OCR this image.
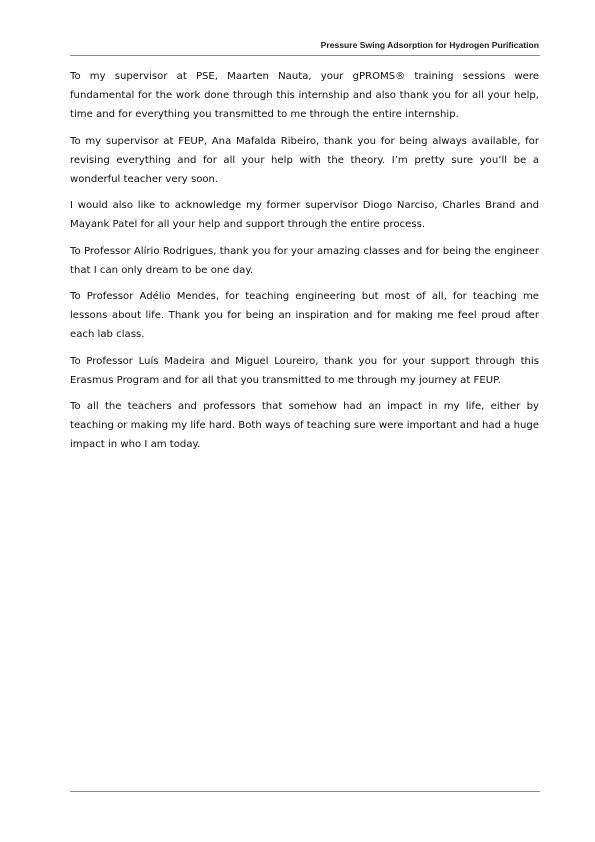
Pressure Swing Adsorption for Hydrogen Purification

To my supervisor at PSE, Maarten Nauta, your gPROMS® training sessions were fundamental for the work done through this internship and also thank you for all your help, time and for everything you transmitted to me through the entire internship.

To my supervisor at FEUP, Ana Mafalda Ribeiro, thank you for being always available, for revising everything and for all your help with the theory. I’m pretty sure you’ll be a wonderful teacher very soon.

I would also like to acknowledge my former supervisor Diogo Narciso, Charles Brand and Mayank Patel for all your help and support through the entire process.

To Professor Alírio Rodrigues, thank you for your amazing classes and for being the engineer that I can only dream to be one day.

To Professor Adélio Mendes, for teaching engineering but most of all, for teaching me lessons about life. Thank you for being an inspiration and for making me feel proud after each lab class.

To Professor Luís Madeira and Miguel Loureiro, thank you for your support through this Erasmus Program and for all that you transmitted to me through my journey at FEUP.

To all the teachers and professors that somehow had an impact in my life, either by teaching or making my life hard. Both ways of teaching sure were important and had a huge impact in who I am today.
